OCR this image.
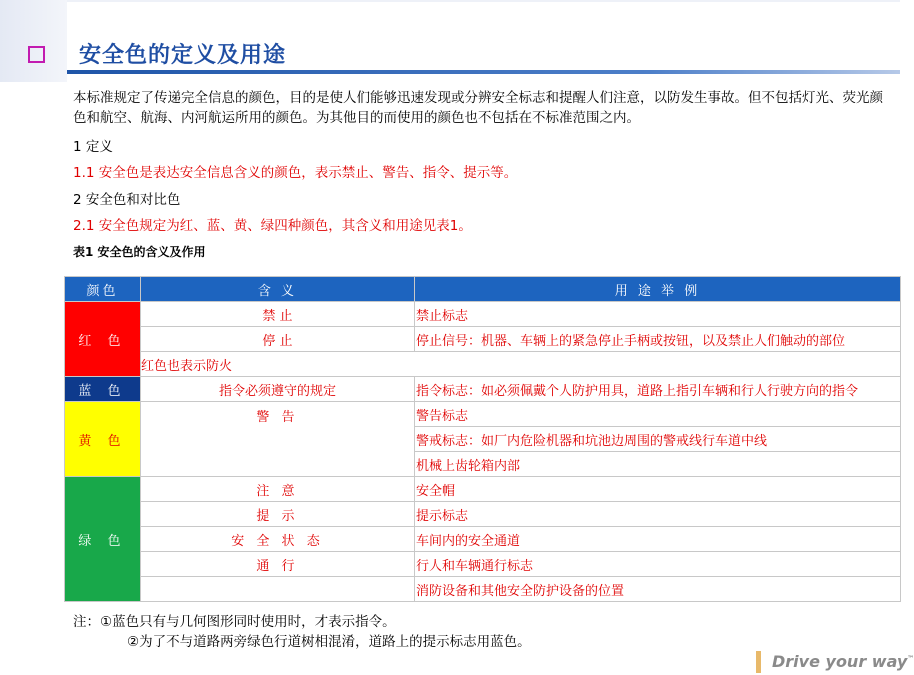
安全色的定义及用途

本标准规定了传递完全信息的颜色，目的是使人们能够迅速发现或分辨安全标志和提醒人们注意，以防发生事故。但不包括灯光、荧光颜色和航空、航海、内河航运所用的颜色。为其他目的而使用的颜色也不包括在不标准范围之内。

1 定义

1.1 安全色是表达安全信息含义的颜色，表示禁止、警告、指令、提示等。

2 安全色和对比色

2.1 安全色规定为红、蓝、黄、绿四种颜色，其含义和用途见表1。

表1 安全色的含义及作用
颜色	含 义	用 途 举 例
红 色	禁 止	禁止标志
	停 止	停止信号：机器、车辆上的紧急停止手柄或按钮，以及禁止人们触动的部位
	红色也表示防火	
蓝 色	指令必须遵守的规定	指令标志：如必须佩戴个人防护用具，道路上指引车辆和行人行驶方向的指令
黄 色	警 告	警告标志
		警戒标志：如厂内危险机器和坑池边周围的警戒线行车道中线
		机械上齿轮箱内部
绿 色	注 意	安全帽
	提 示	提示标志
	安 全 状 态	车间内的安全通道
	通 行	行人和车辆通行标志
		消防设备和其他安全防护设备的位置
注：①蓝色只有与几何图形同时使用时，才表示指令。
②为了不与道路两旁绿色行道树相混淆，道路上的提示标志用蓝色。
Drive your way™
